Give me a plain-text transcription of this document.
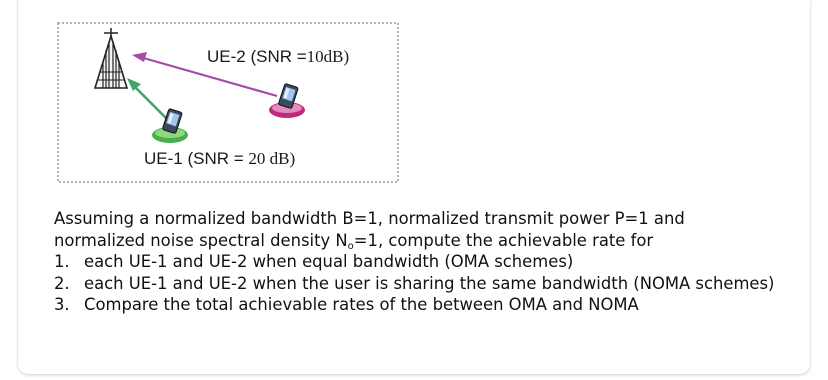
UE-2 (SNR =10dB)
UE-1 (SNR = 20 dB)

Assuming a normalized bandwidth B=1, normalized transmit power P=1 and

normalized noise spectral density $N_o=1$, compute the achievable rate for

1. each UE-1 and UE-2 when equal bandwidth (OMA schemes)
2. each UE-1 and UE-2 when the user is sharing the same bandwidth (NOMA schemes)
3. Compare the total achievable rates of the between OMA and NOMA
